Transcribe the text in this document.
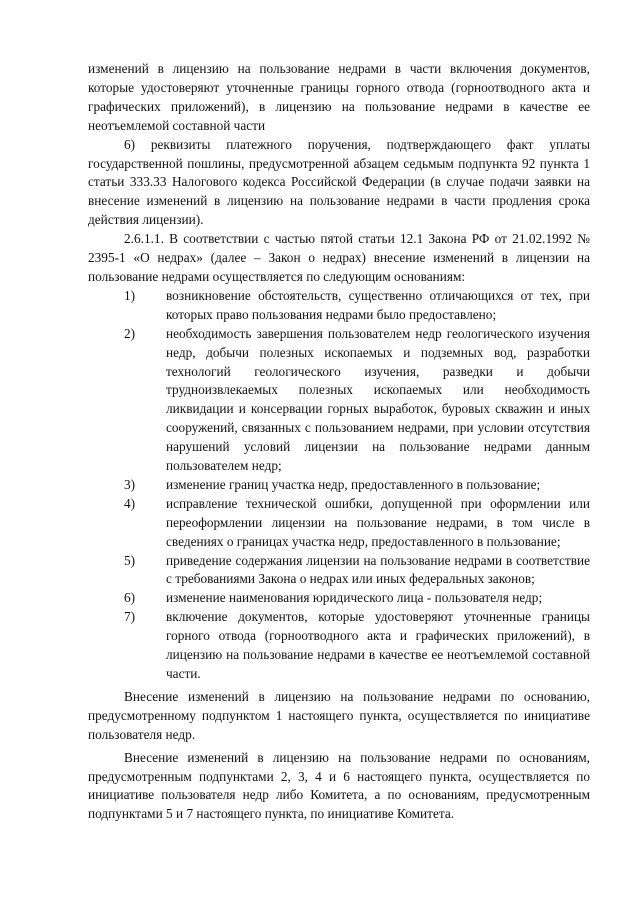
изменений в лицензию на пользование недрами в части включения документов, которые удостоверяют уточненные границы горного отвода (горноотводного акта и графических приложений), в лицензию на пользование недрами в качестве ее неотъемлемой составной части

6) реквизиты платежного поручения, подтверждающего факт уплаты государственной пошлины, предусмотренной абзацем седьмым подпункта 92 пункта 1 статьи 333.33 Налогового кодекса Российской Федерации (в случае подачи заявки на внесение изменений в лицензию на пользование недрами в части продления срока действия лицензии).

2.6.1.1. В соответствии с частью пятой статьи 12.1 Закона РФ от 21.02.1992 № 2395-1 «О недрах» (далее – Закон о недрах) внесение изменений в лицензии на пользование недрами осуществляется по следующим основаниям:

1)	возникновение обстоятельств, существенно отличающихся от тех, при которых право пользования недрами было предоставлено;
2)	необходимость завершения пользователем недр геологического изучения недр, добычи полезных ископаемых и подземных вод, разработки технологий геологического изучения, разведки и добычи трудноизвлекаемых полезных ископаемых или необходимость ликвидации и консервации горных выработок, буровых скважин и иных сооружений, связанных с пользованием недрами, при условии отсутствия нарушений условий лицензии на пользование недрами данным пользователем недр;
3)	изменение границ участка недр, предоставленного в пользование;
4)	исправление технической ошибки, допущенной при оформлении или переоформлении лицензии на пользование недрами, в том числе в сведениях о границах участка недр, предоставленного в пользование;
5)	приведение содержания лицензии на пользование недрами в соответствие с требованиями Закона о недрах или иных федеральных законов;
6)	изменение наименования юридического лица - пользователя недр;
7)	включение документов, которые удостоверяют уточненные границы горного отвода (горноотводного акта и графических приложений), в лицензию на пользование недрами в качестве ее неотъемлемой составной части.

Внесение изменений в лицензию на пользование недрами по основанию, предусмотренному подпунктом 1 настоящего пункта, осуществляется по инициативе пользователя недр.

Внесение изменений в лицензию на пользование недрами по основаниям, предусмотренным подпунктами 2, 3, 4 и 6 настоящего пункта, осуществляется по инициативе пользователя недр либо Комитета, а по основаниям, предусмотренным подпунктами 5 и 7 настоящего пункта, по инициативе Комитета.
